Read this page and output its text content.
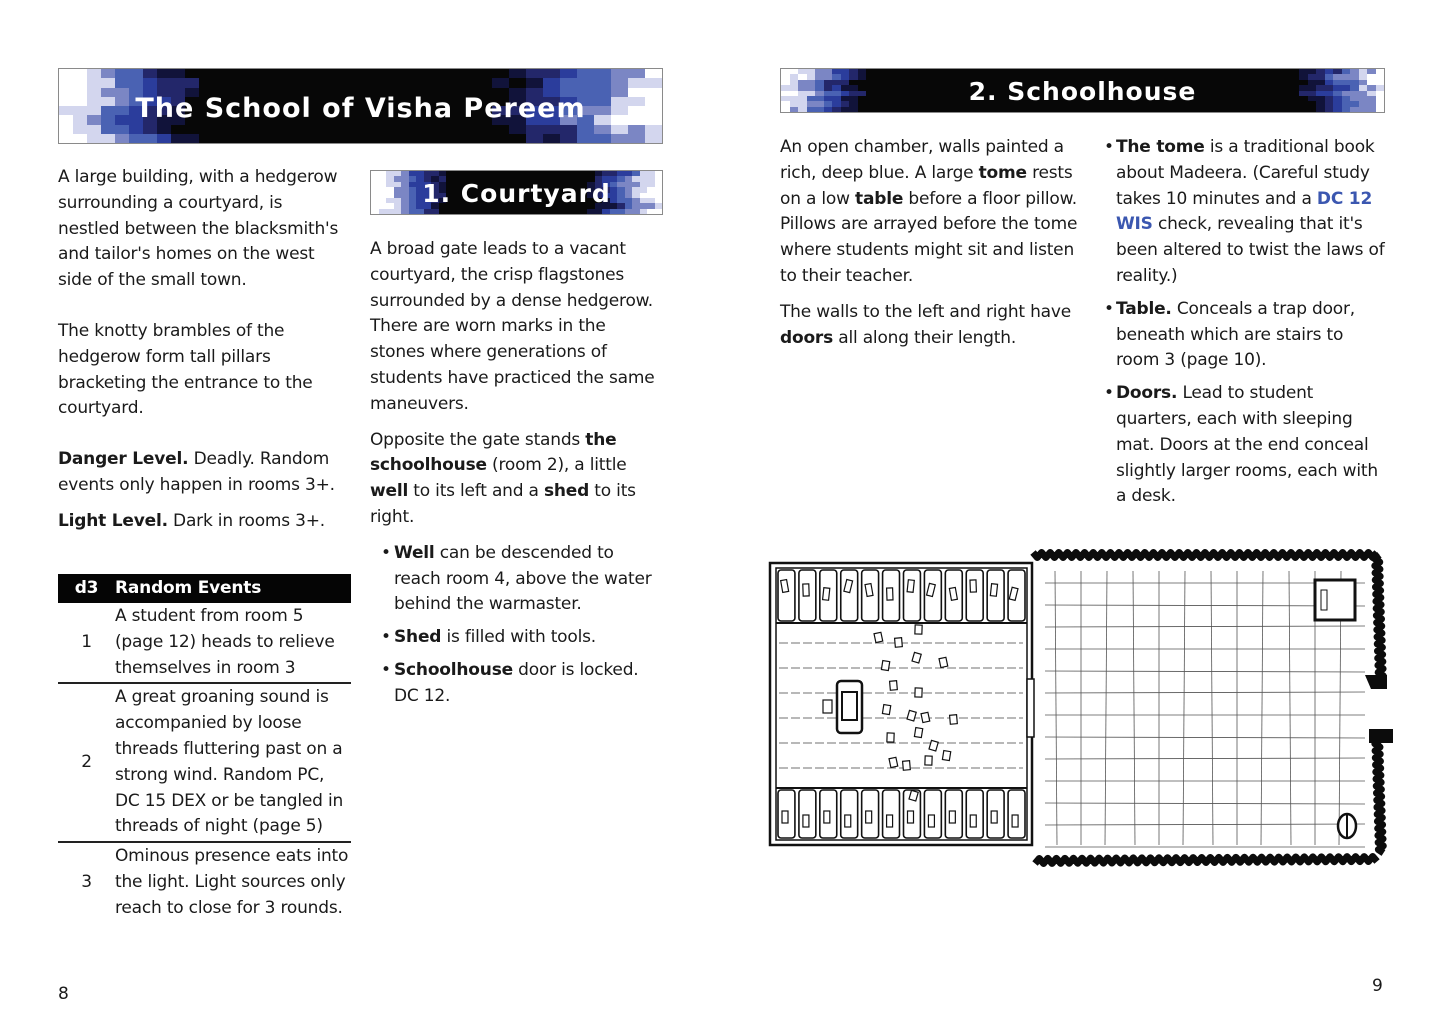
The School of Visha Pereem

A large building, with a hedgerow surrounding a courtyard, is nestled between the blacksmith's and tailor's homes on the west side of the small town.

The knotty brambles of the hedgerow form tall pillars bracketing the entrance to the courtyard.

Danger Level. Deadly. Random events only happen in rooms 3+.

Light Level. Dark in rooms 3+.

d3	Random Events
1	A student from room 5 (page 12) heads to relieve themselves in room 3
2	A great groaning sound is accompanied by loose threads fluttering past on a strong wind. Random PC, DC 15 DEX or be tangled in threads of night (page 5)
3	Ominous presence eats into the light. Light sources only reach to close for 3 rounds.
1. Courtyard

A broad gate leads to a vacant courtyard, the crisp flagstones surrounded by a dense hedgerow. There are worn marks in the stones where generations of students have practiced the same maneuvers.

Opposite the gate stands the schoolhouse (room 2), a little well to its left and a shed to its right.

• Well can be descended to reach room 4, above the water behind the warmaster.
• Shed is filled with tools.
• Schoolhouse door is locked. DC 12.
8
2. Schoolhouse

An open chamber, walls painted a rich, deep blue. A large tome rests on a low table before a floor pillow. Pillows are arrayed before the tome where students might sit and listen to their teacher.

The walls to the left and right have doors all along their length.

• The tome is a traditional book about Madeera. (Careful study takes 10 minutes and a DC 12 WIS check, revealing that it's been altered to twist the laws of reality.)
• Table. Conceals a trap door, beneath which are stairs to room 3 (page 10).
• Doors. Lead to student quarters, each with sleeping mat. Doors at the end conceal slightly larger rooms, each with a desk.
9
